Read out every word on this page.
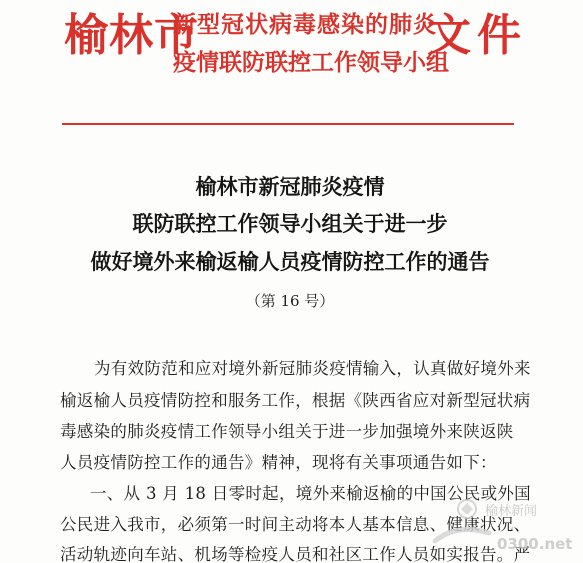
榆林市
新型冠状病毒感染的肺炎
疫情联防联控工作领导小组
文件
榆林市新冠肺炎疫情
联防联控工作领导小组关于进一步
做好境外来榆返榆人员疫情防控工作的通告
（第 16 号）
为有效防范和应对境外新冠肺炎疫情输入，认真做好境外来
榆返榆人员疫情防控和服务工作，根据《陕西省应对新型冠状病
毒感染的肺炎疫情工作领导小组关于进一步加强境外来陕返陕
人员疫情防控工作的通告》精神，现将有关事项通告如下：
一、从 3 月 18 日零时起，境外来榆返榆的中国公民或外国
公民进入我市，必须第一时间主动将本人基本信息、健康状况、
活动轨迹向车站、机场等检疫人员和社区工作人员如实报告。严
榆林新闻
0300.net
